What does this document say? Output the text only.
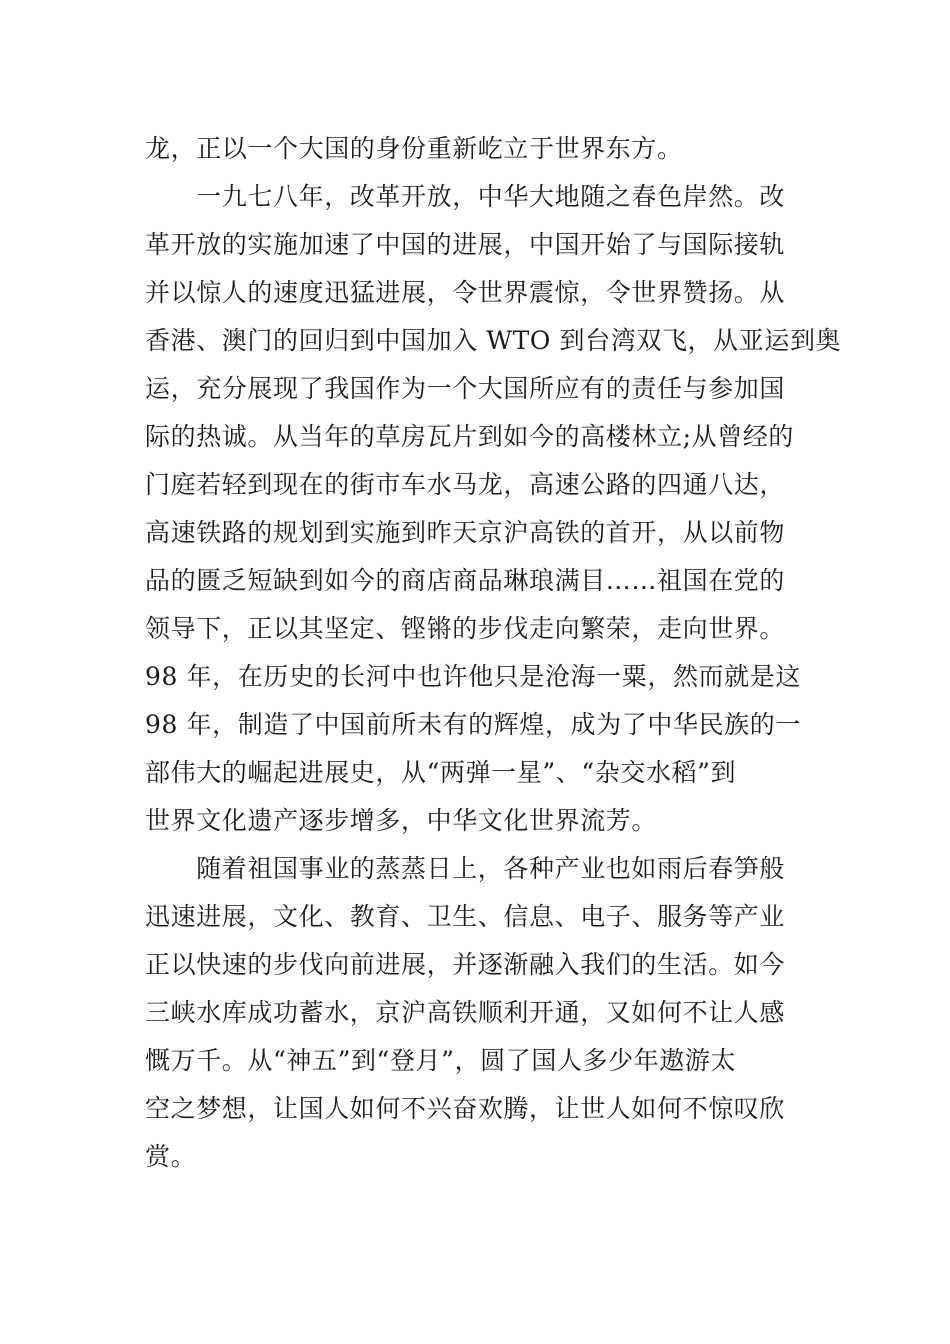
龙，正以一个大国的身份重新屹立于世界东方。
　　一九七八年，改革开放，中华大地随之春色岸然。改
革开放的实施加速了中国的进展，中国开始了与国际接轨
并以惊人的速度迅猛进展，令世界震惊，令世界赞扬。从
香港、澳门的回归到中国加入 WTO 到台湾双飞，从亚运到奥
运，充分展现了我国作为一个大国所应有的责任与参加国
际的热诚。从当年的草房瓦片到如今的高楼林立;从曾经的
门庭若轻到现在的街市车水马龙，高速公路的四通八达，
高速铁路的规划到实施到昨天京沪高铁的首开，从以前物
品的匮乏短缺到如今的商店商品琳琅满目……祖国在党的
领导下，正以其坚定、铿锵的步伐走向繁荣，走向世界。
98 年，在历史的长河中也许他只是沧海一粟，然而就是这
98 年，制造了中国前所未有的辉煌，成为了中华民族的一
部伟大的崛起进展史，从“两弹一星”、“杂交水稻”到
世界文化遗产逐步增多，中华文化世界流芳。
　　随着祖国事业的蒸蒸日上，各种产业也如雨后春笋般
迅速进展，文化、教育、卫生、信息、电子、服务等产业
正以快速的步伐向前进展，并逐渐融入我们的生活。如今
三峡水库成功蓄水，京沪高铁顺利开通，又如何不让人感
慨万千。从“神五”到“登月”，圆了国人多少年遨游太
空之梦想，让国人如何不兴奋欢腾，让世人如何不惊叹欣
赏。
